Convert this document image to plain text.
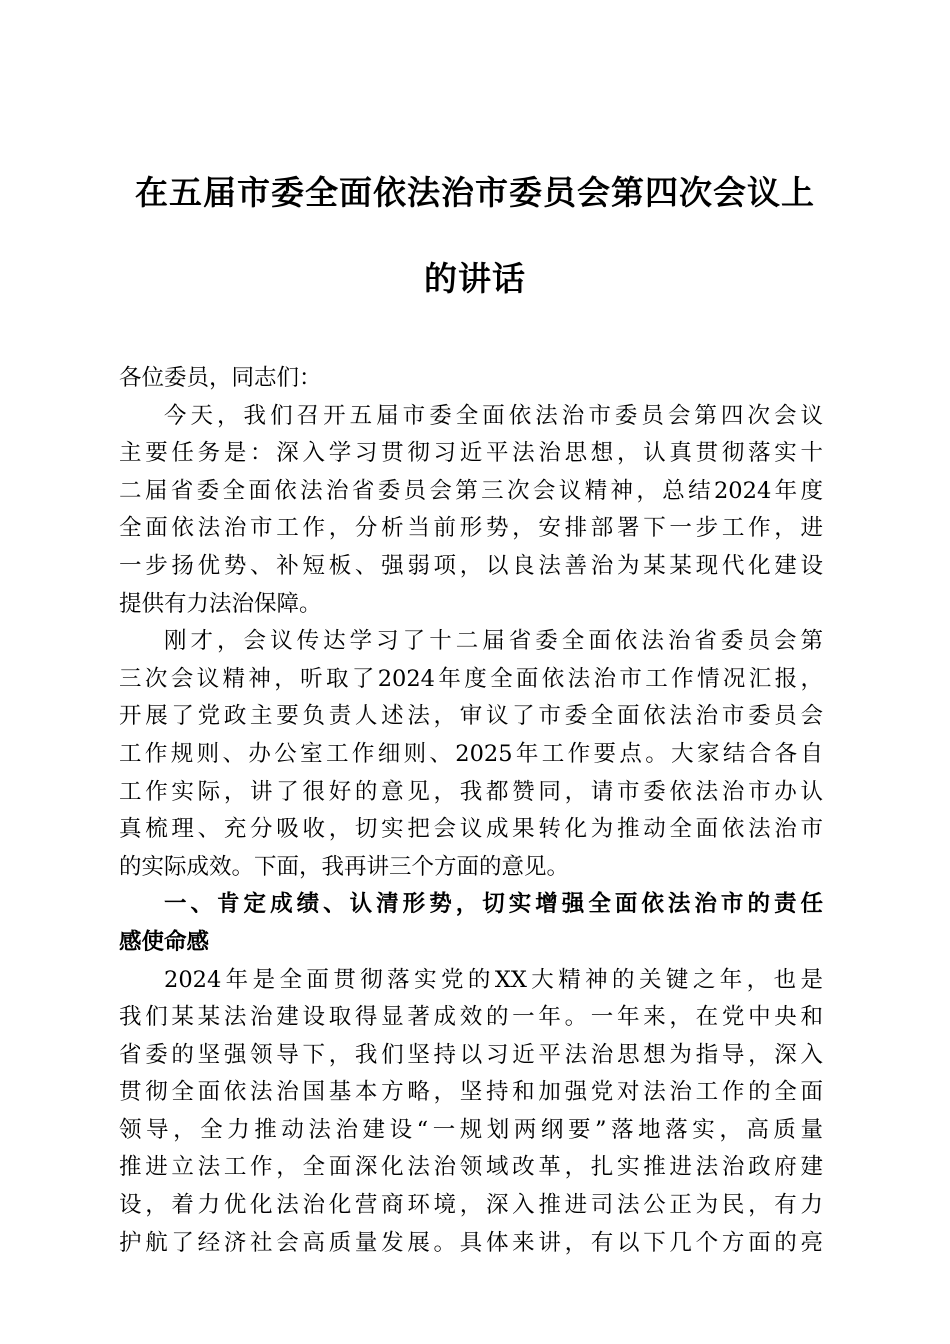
在五届市委全面依法治市委员会第四次会议上
的讲话

各位委员，同志们：

今天，我们召开五届市委全面依法治市委员会第四次会议
主要任务是：深入学习贯彻习近平法治思想，认真贯彻落实十
二届省委全面依法治省委员会第三次会议精神，总结2024年度
全面依法治市工作，分析当前形势，安排部署下一步工作，进
一步扬优势、补短板、强弱项，以良法善治为某某现代化建设
提供有力法治保障。

刚才，会议传达学习了十二届省委全面依法治省委员会第
三次会议精神，听取了2024年度全面依法治市工作情况汇报，
开展了党政主要负责人述法，审议了市委全面依法治市委员会
工作规则、办公室工作细则、2025年工作要点。大家结合各自
工作实际，讲了很好的意见，我都赞同，请市委依法治市办认
真梳理、充分吸收，切实把会议成果转化为推动全面依法治市
的实际成效。下面，我再讲三个方面的意见。

一、肯定成绩、认清形势，切实增强全面依法治市的责任
感使命感

2024年是全面贯彻落实党的XX大精神的关键之年，也是
我们某某法治建设取得显著成效的一年。一年来，在党中央和
省委的坚强领导下，我们坚持以习近平法治思想为指导，深入
贯彻全面依法治国基本方略，坚持和加强党对法治工作的全面
领导，全力推动法治建设“一规划两纲要”落地落实，高质量
推进立法工作，全面深化法治领域改革，扎实推进法治政府建
设，着力优化法治化营商环境，深入推进司法公正为民，有力
护航了经济社会高质量发展。具体来讲，有以下几个方面的亮
